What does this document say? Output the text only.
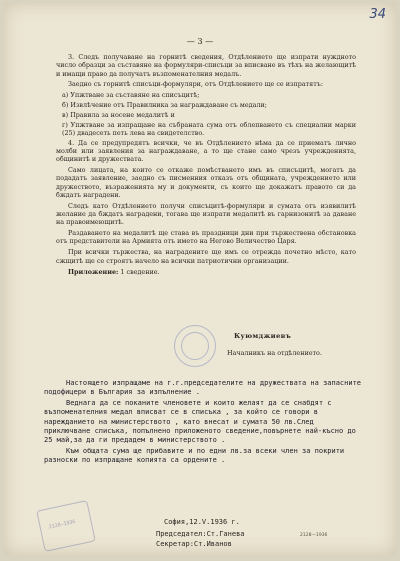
34
— 3 —

3. Следъ получаване на горнитѣ сведения, Отдѣлението ще изпрати нуждното число образци за съставяне на формуляри-списъци за вписване въ тѣхъ на желающитѣ и имащи право да получатъ възпоменателния медалъ.

Заедно съ горнитѣ списъци-формуляри, отъ Отдѣлението ще се изпратятъ:

а) Упжтване за съставяне на списъцитѣ;

б) Извлѣчение отъ Правилника за награждаване съ медали;

в) Правила за носене медалитѣ и

г) Упжтване за изпращане на събраната сума отъ облепването съ специални марки (25) двадесеть петь лева на свидетелство.

4. Да се предупредятъ всички, че въ Отдѣлението нѣма да се приематъ лично молби или заявления за награждаване, а то ще стане само чрезъ учрежденията, общинитѣ и дружествата.

Само лицата, на които се откаже помѣстването имъ въ списъцитѣ, могатъ да подадатъ заявление, заедно съ писменния отказъ отъ общината, учреждението или дружеството, възраженията му и документи, съ които ще докажатъ правото си да бждатъ наградени.

Следъ като Отдѣлението получи списъцитѣ-формуляри и сумата отъ изявилитѣ желание да бждатъ наградени, тогава ще изпрати медалитѣ въ гарнизонитѣ за даване на правоимеющитѣ.

Раздаването на медалитѣ ще става въ праздници дни при тържествена обстановка отъ представители на Армията отъ името на Негово Величество Царя.

При всички тържества, на наградените ще имъ се отрежда почетно мѣсто, като сжщитѣ ще се строятъ начело на всички патриотични организации.

Приложение: 1 сведение.

Куюмджиевъ
Началникъ на отдѣлението.

Настоящето изпращаме на г.г.председателите на дружествата на запасните подофицери в България за изпълнение .

Веднага да се поканите членовете и които желаят да се снабдят с възпоменателния медал вписват се в списъка , за който се говори в нарежданието на министерството , като внесат и сумата 50 лв.След приключване списъка, попълнено приложеното сведение,повърнете най-късно до 25 май,за да ги предадем в министерството .

Към общата сума ще прибавите и по едни лв.за всеки член за покрити разноски по изпращане копията са ордените .

2128—1936	София,12.V.1936 г.
Председател:Ст.Ганева
Секретар:Ст.Иванов
2128—1936
